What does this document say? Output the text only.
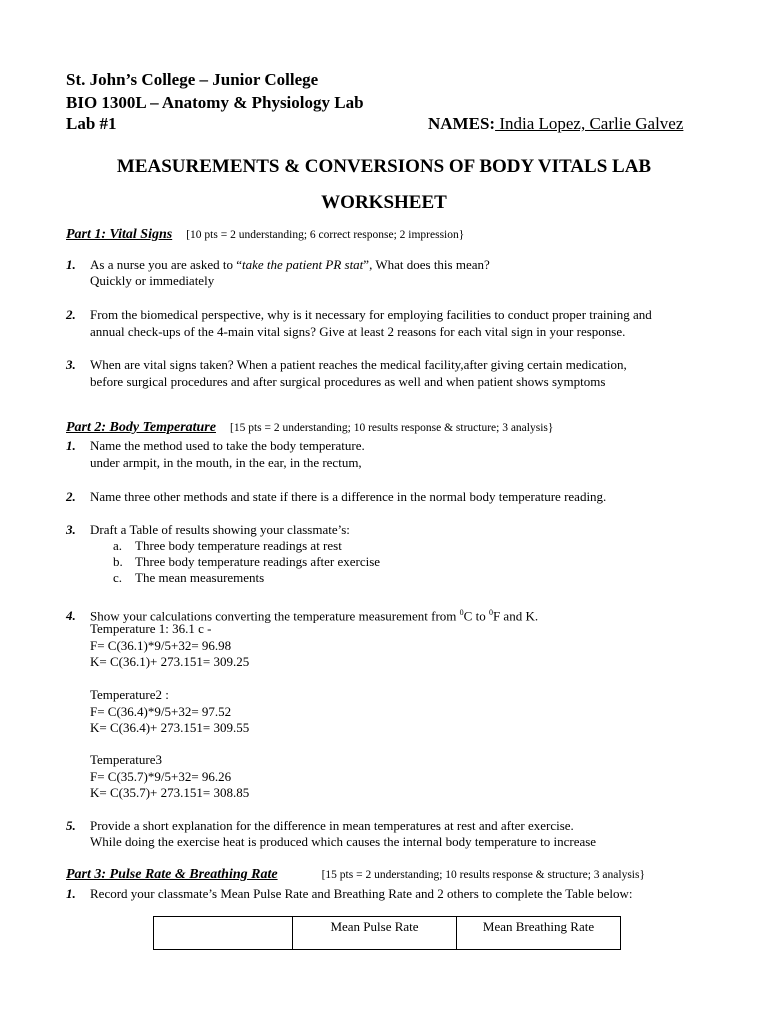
St. John’s College – Junior College
BIO 1300L – Anatomy & Physiology Lab
Lab #1	NAMES: India Lopez, Carlie Galvez
MEASUREMENTS & CONVERSIONS OF BODY VITALS LAB
WORKSHEET
Part 1: Vital Signs [10 pts = 2 understanding; 6 correct response; 2 impression}
1. As a nurse you are asked to “take the patient PR stat”, What does this mean?
Quickly or immediately
2. From the biomedical perspective, why is it necessary for employing facilities to conduct proper training and
annual check-ups of the 4-main vital signs? Give at least 2 reasons for each vital sign in your response.
3. When are vital signs taken? When a patient reaches the medical facility,after giving certain medication,
before surgical procedures and after surgical procedures as well and when patient shows symptoms
Part 2: Body Temperature [15 pts = 2 understanding; 10 results response & structure; 3 analysis}
1. Name the method used to take the body temperature.
under armpit, in the mouth, in the ear, in the rectum,
2. Name three other methods and state if there is a difference in the normal body temperature reading.
3. Draft a Table of results showing your classmate’s:
a. Three body temperature readings at rest
b. Three body temperature readings after exercise
c. The mean measurements
4. Show your calculations converting the temperature measurement from $^0$C to $^0$F and K.
Temperature 1: 36.1 c -
F= C(36.1)*9/5+32= 96.98
K= C(36.1)+ 273.151= 309.25
Temperature2 :
F= C(36.4)*9/5+32= 97.52
K= C(36.4)+ 273.151= 309.55
Temperature3
F= C(35.7)*9/5+32= 96.26
K= C(35.7)+ 273.151= 308.85
5. Provide a short explanation for the difference in mean temperatures at rest and after exercise.
While doing the exercise heat is produced which causes the internal body temperature to increase
Part 3: Pulse Rate & Breathing Rate	[15 pts = 2 understanding; 10 results response & structure; 3 analysis}
1. Record your classmate’s Mean Pulse Rate and Breathing Rate and 2 others to complete the Table below:
	Mean Pulse Rate	Mean Breathing Rate
